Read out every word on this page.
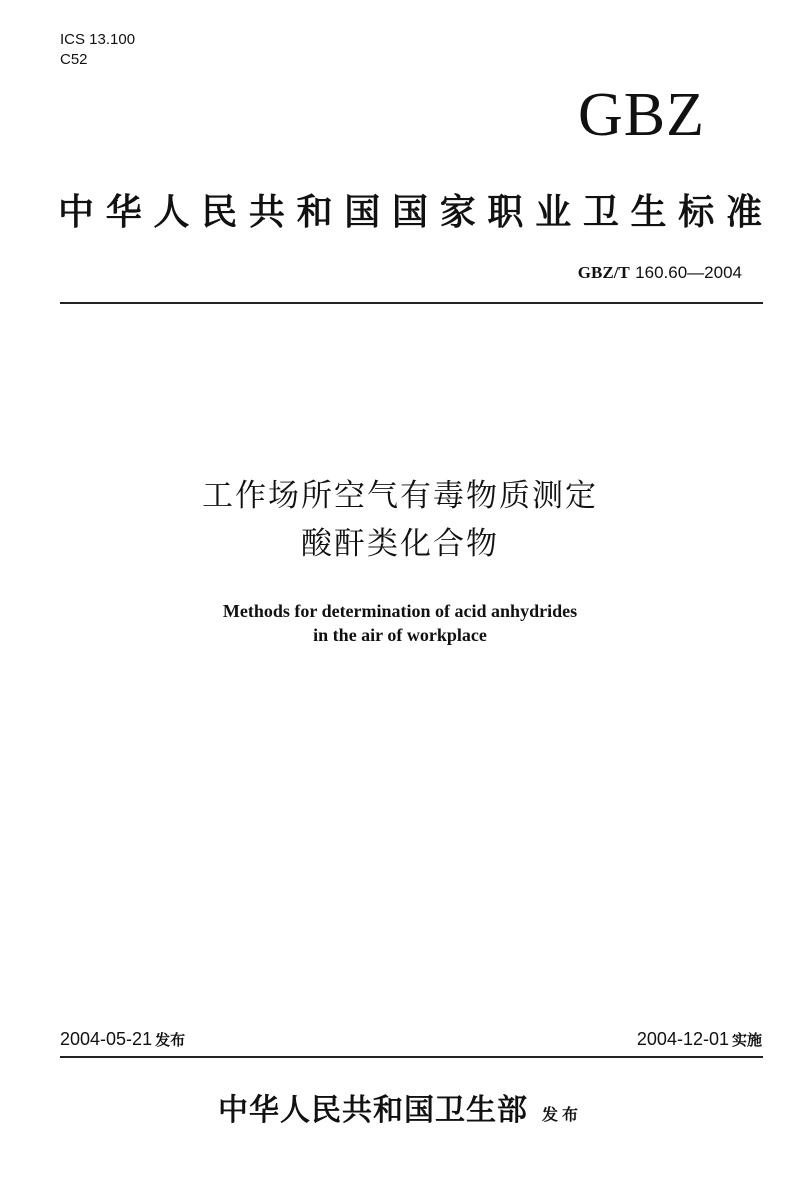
ICS 13.100
C52
GBZ
中华人民共和国国家职业卫生标准
GBZ/T 160.60—2004
工作场所空气有毒物质测定
酸酐类化合物
Methods for determination of acid anhydrides
in the air of workplace
2004-05-21 发布	2004-12-01 实施
中华人民共和国卫生部 发布
